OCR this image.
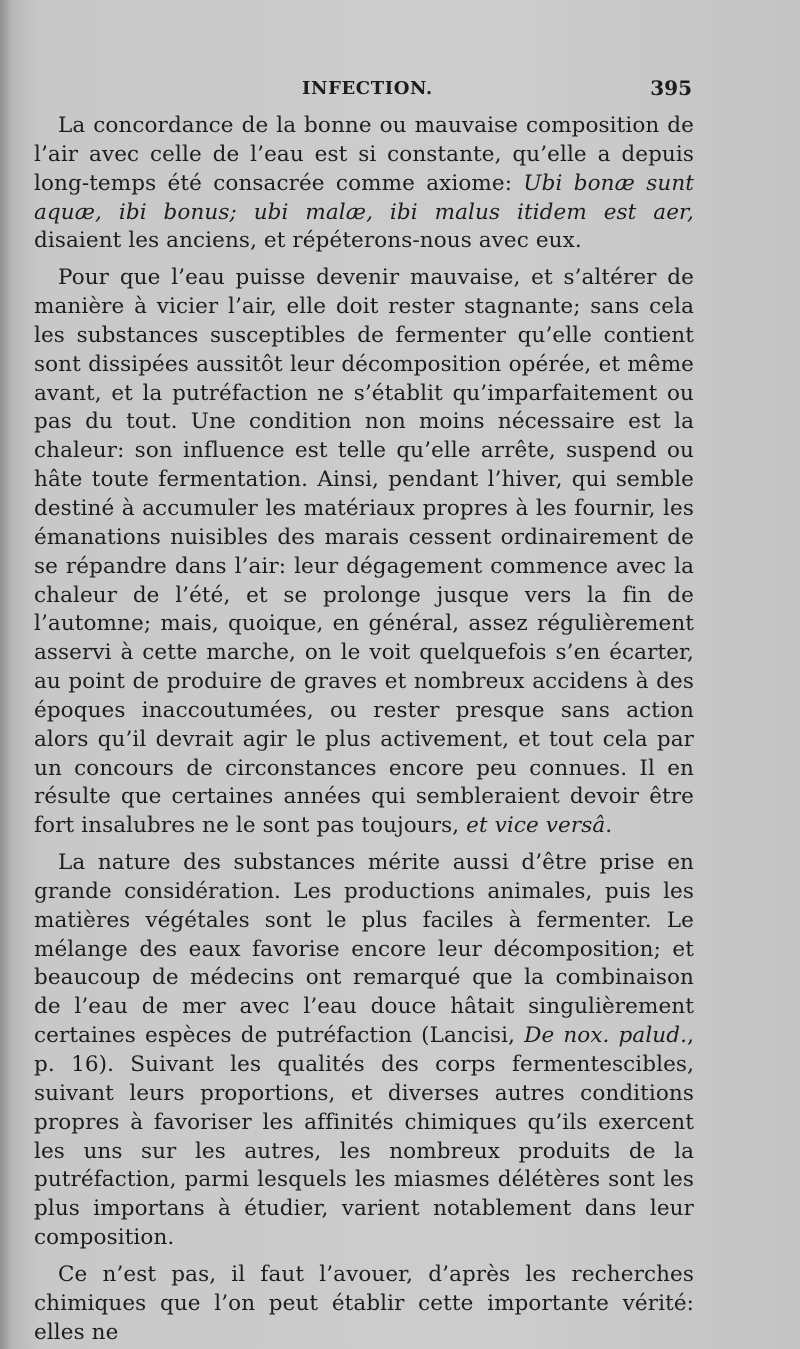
INFECTION.	395

La concordance de la bonne ou mauvaise composition de l’air avec celle de l’eau est si constante, qu’elle a depuis long-temps été consacrée comme axiome: Ubi bonæ sunt aquæ, ibi bonus; ubi malæ, ibi malus itidem est aer, disaient les anciens, et répéterons-nous avec eux.

Pour que l’eau puisse devenir mauvaise, et s’altérer de manière à vicier l’air, elle doit rester stagnante; sans cela les substances susceptibles de fermenter qu’elle contient sont dissipées aussitôt leur décomposition opérée, et même avant, et la putréfaction ne s’établit qu’imparfaitement ou pas du tout. Une condition non moins nécessaire est la chaleur: son influence est telle qu’elle arrête, suspend ou hâte toute fermentation. Ainsi, pendant l’hiver, qui semble destiné à accumuler les matériaux propres à les fournir, les émanations nuisibles des marais cessent ordinairement de se répandre dans l’air: leur dégagement commence avec la chaleur de l’été, et se prolonge jusque vers la fin de l’automne; mais, quoique, en général, assez régulièrement asservi à cette marche, on le voit quelquefois s’en écarter, au point de produire de graves et nombreux accidens à des époques inaccoutumées, ou rester presque sans action alors qu’il devrait agir le plus activement, et tout cela par un concours de circonstances encore peu connues. Il en résulte que certaines années qui sembleraient devoir être fort insalubres ne le sont pas toujours, et vice versâ.

La nature des substances mérite aussi d’être prise en grande considération. Les productions animales, puis les matières végétales sont le plus faciles à fermenter. Le mélange des eaux favorise encore leur décomposition; et beaucoup de médecins ont remarqué que la combinaison de l’eau de mer avec l’eau douce hâtait singulièrement certaines espèces de putréfaction (Lancisi, De nox. palud., p. 16). Suivant les qualités des corps fermentescibles, suivant leurs proportions, et diverses autres conditions propres à favoriser les affinités chimiques qu’ils exercent les uns sur les autres, les nombreux produits de la putréfaction, parmi lesquels les miasmes délétères sont les plus importans à étudier, varient notablement dans leur composition.

Ce n’est pas, il faut l’avouer, d’après les recherches chimiques que l’on peut établir cette importante vérité: elles ne
